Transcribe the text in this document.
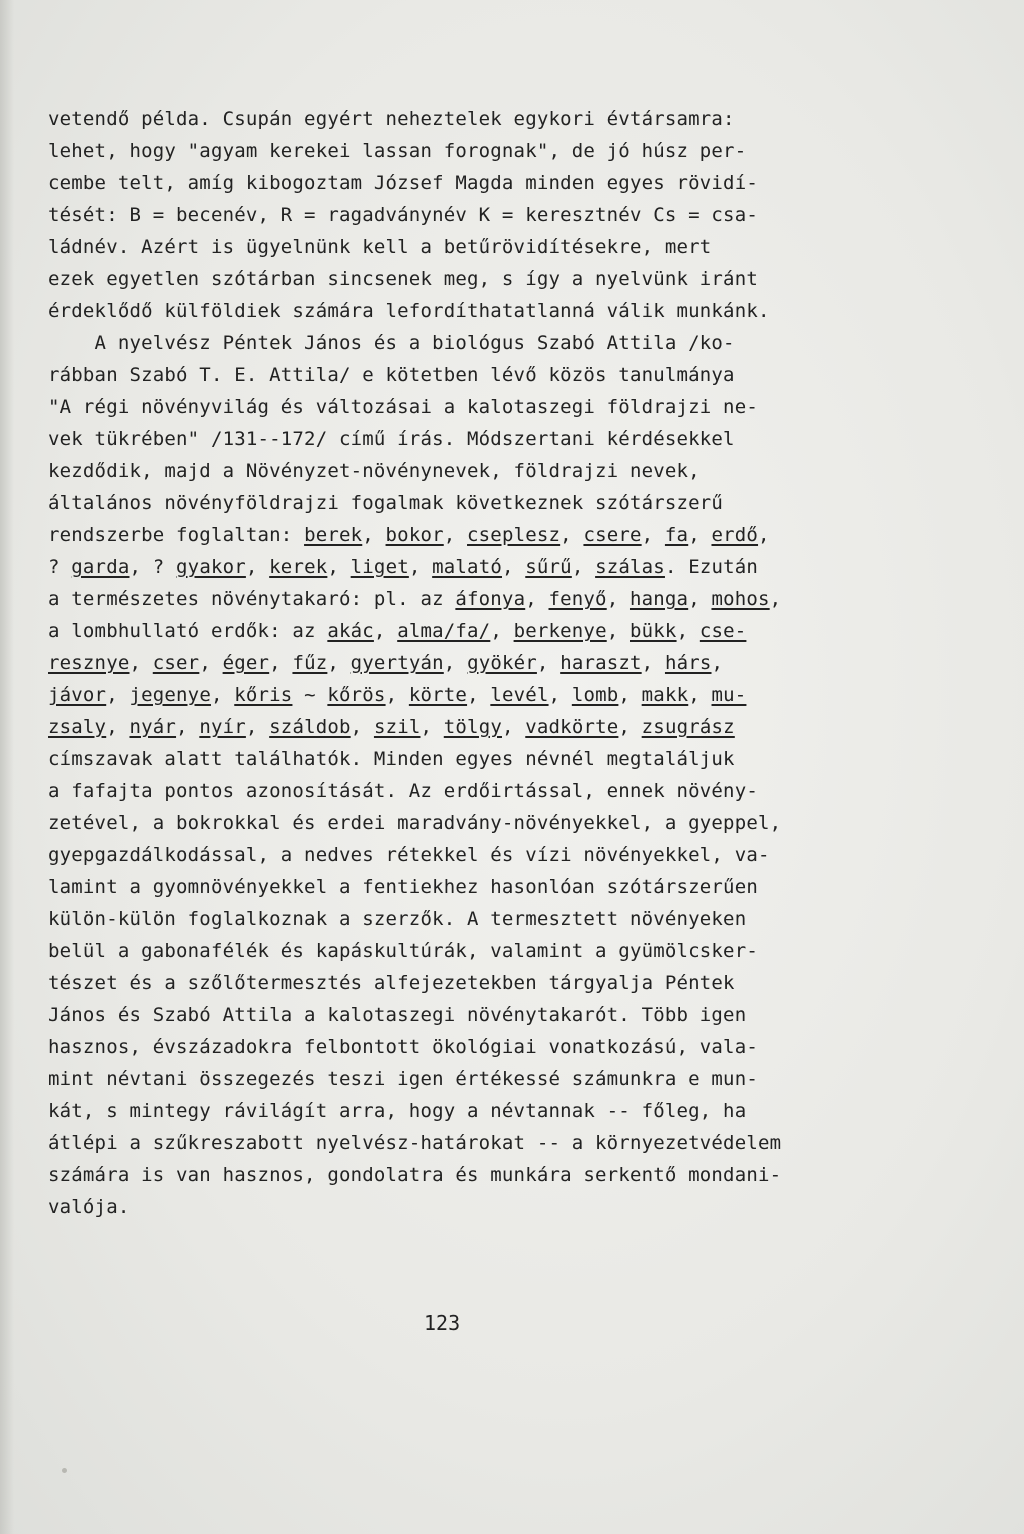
vetendő példa. Csupán egyért neheztelek egykori évtársamra:
lehet, hogy "agyam kerekei lassan forognak", de jó húsz per-
cembe telt, amíg kibogoztam József Magda minden egyes rövidí-
tését: B = becenév, R = ragadványnév K = keresztnév Cs = csa-
ládnév. Azért is ügyelnünk kell a betűrövidítésekre, mert
ezek egyetlen szótárban sincsenek meg, s így a nyelvünk iránt
érdeklődő külföldiek számára lefordíthatatlanná válik munkánk.
A nyelvész Péntek János és a biológus Szabó Attila /ko-
rábban Szabó T. E. Attila/ e kötetben lévő közös tanulmánya
"A régi növényvilág és változásai a kalotaszegi földrajzi ne-
vek tükrében" /131--172/ című írás. Módszertani kérdésekkel
kezdődik, majd a Növényzet-növénynevek, földrajzi nevek,
általános növényföldrajzi fogalmak következnek szótárszerű
rendszerbe foglaltan: berek, bokor, cseplesz, csere, fa, erdő,
? garda, ? gyakor, kerek, liget, malató, sűrű, szálas. Ezután
a természetes növénytakaró: pl. az áfonya, fenyő, hanga, mohos,
a lombhullató erdők: az akác, alma/fa/, berkenye, bükk, cse-
resznye, cser, éger, fűz, gyertyán, gyökér, haraszt, hárs,
jávor, jegenye, kőris ~ kőrös, körte, levél, lomb, makk, mu-
zsaly, nyár, nyír, száldob, szil, tölgy, vadkörte, zsugrász
címszavak alatt találhatók. Minden egyes névnél megtaláljuk
a fafajta pontos azonosítását. Az erdőirtással, ennek növény-
zetével, a bokrokkal és erdei maradvány-növényekkel, a gyeppel,
gyepgazdálkodással, a nedves rétekkel és vízi növényekkel, va-
lamint a gyomnövényekkel a fentiekhez hasonlóan szótárszerűen
külön-külön foglalkoznak a szerzők. A termesztett növényeken
belül a gabonafélék és kapáskultúrák, valamint a gyümölcsker-
tészet és a szőlőtermesztés alfejezetekben tárgyalja Péntek
János és Szabó Attila a kalotaszegi növénytakarót. Több igen
hasznos, évszázadokra felbontott ökológiai vonatkozású, vala-
mint névtani összegezés teszi igen értékessé számunkra e mun-
kát, s mintegy rávilágít arra, hogy a névtannak -- főleg, ha
átlépi a szűkreszabott nyelvész-határokat -- a környezetvédelem
számára is van hasznos, gondolatra és munkára serkentő mondani-
valója.
123
